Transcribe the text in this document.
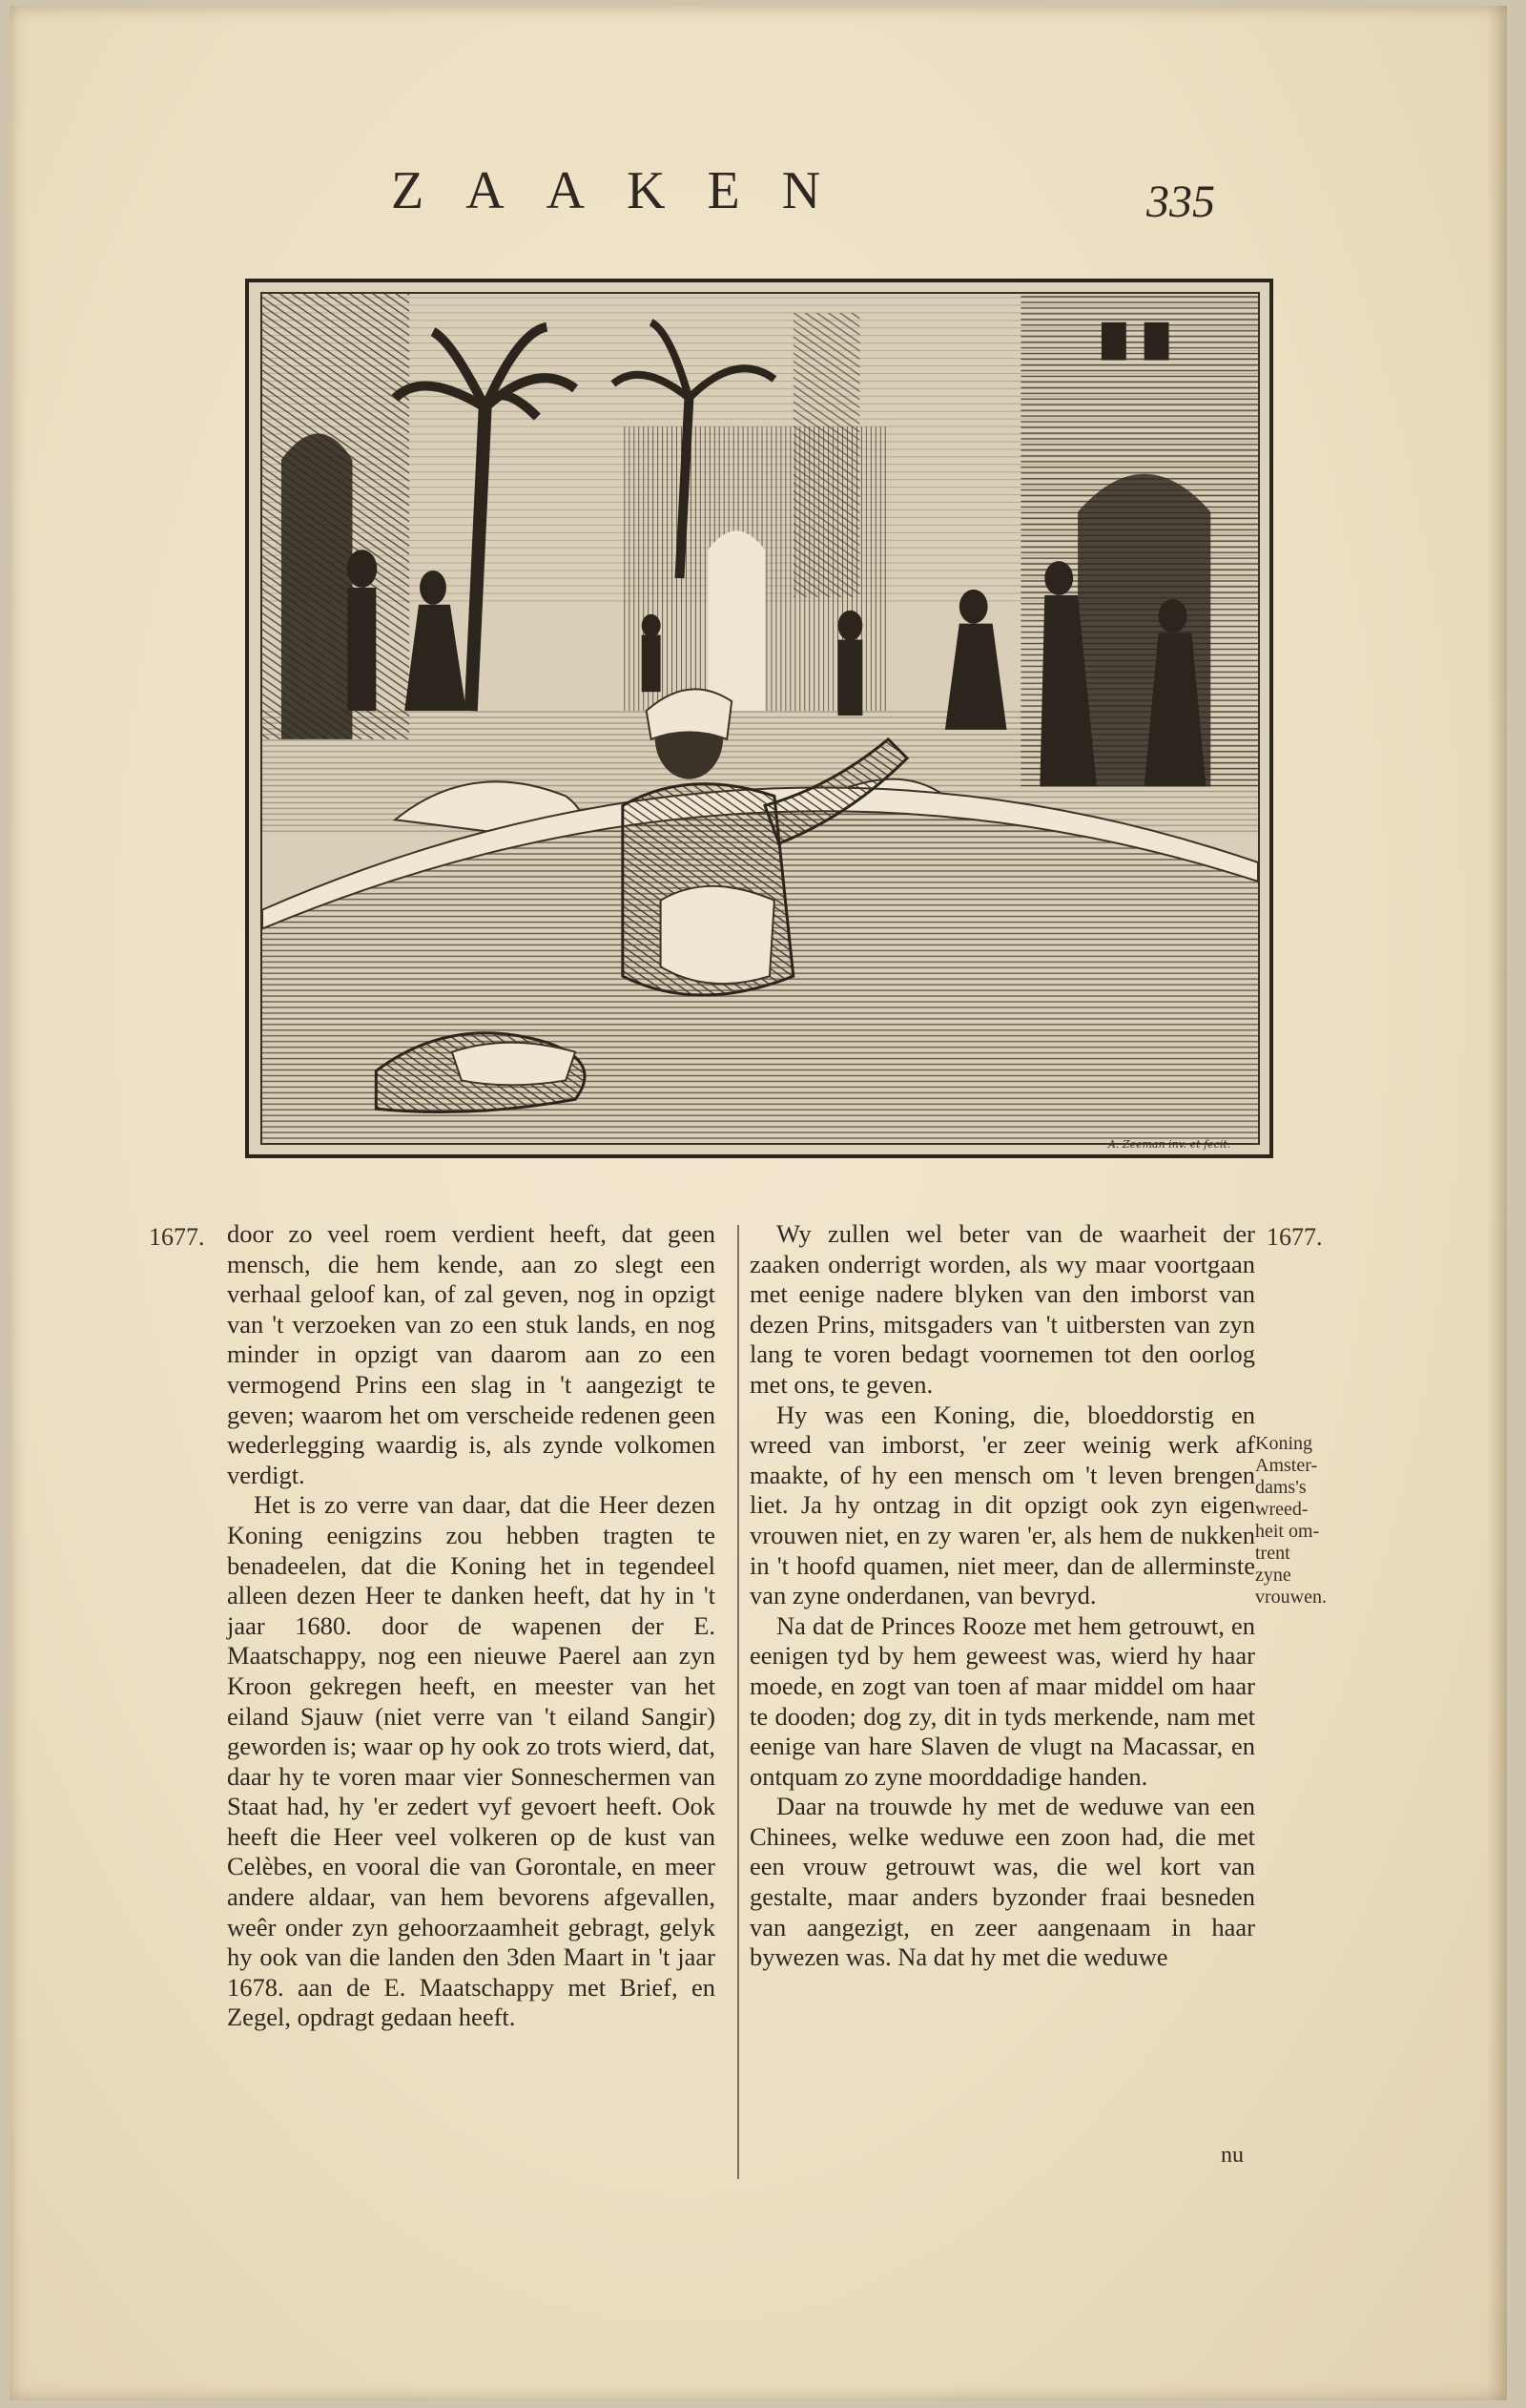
ZAAKEN	335
A. Zeeman inv. et fecit.
1677.	1677.

door zo veel roem verdient heeft, dat geen mensch, die hem kende, aan zo slegt een verhaal geloof kan, of zal geven, nog in opzigt van 't verzoeken van zo een stuk lands, en nog minder in opzigt van daarom aan zo een vermogend Prins een slag in 't aangezigt te geven; waarom het om verscheide redenen geen wederlegging waardig is, als zynde volkomen verdigt.

Het is zo verre van daar, dat die Heer dezen Koning eenigzins zou hebben tragten te benadeelen, dat die Koning het in tegendeel alleen dezen Heer te danken heeft, dat hy in 't jaar 1680. door de wapenen der E. Maatschappy, nog een nieuwe Paerel aan zyn Kroon gekregen heeft, en meester van het eiland Sjauw (niet verre van 't eiland Sangir) geworden is; waar op hy ook zo trots wierd, dat, daar hy te voren maar vier Sonneschermen van Staat had, hy 'er zedert vyf gevoert heeft. Ook heeft die Heer veel volkeren op de kust van Celèbes, en vooral die van Gorontale, en meer andere aldaar, van hem bevorens afgevallen, weêr onder zyn gehoorzaamheit gebragt, gelyk hy ook van die landen den 3den Maart in 't jaar 1678. aan de E. Maatschappy met Brief, en Zegel, opdragt gedaan heeft.

Wy zullen wel beter van de waarheit der zaaken onderrigt worden, als wy maar voortgaan met eenige nadere blyken van den imborst van dezen Prins, mitsgaders van 't uitbersten van zyn lang te voren bedagt voornemen tot den oorlog met ons, te geven.

Hy was een Koning, die, bloeddorstig en wreed van imborst, 'er zeer weinig werk af maakte, of hy een mensch om 't leven brengen liet. Ja hy ontzag in dit opzigt ook zyn eigen vrouwen niet, en zy waren 'er, als hem de nukken in 't hoofd quamen, niet meer, dan de allerminste van zyne onderdanen, van bevryd.

Na dat de Princes Rooze met hem getrouwt, en eenigen tyd by hem geweest was, wierd hy haar moede, en zogt van toen af maar middel om haar te dooden; dog zy, dit in tyds merkende, nam met eenige van hare Slaven de vlugt na Macassar, en ontquam zo zyne moorddadige handen.

Daar na trouwde hy met de weduwe van een Chinees, welke weduwe een zoon had, die met een vrouw getrouwt was, die wel kort van gestalte, maar anders byzonder fraai besneden van aangezigt, en zeer aangenaam in haar bywezen was. Na dat hy met die weduwe

Koning
Amster-
dams's
wreed-
heit om-
trent
zyne
vrouwen.
nu
